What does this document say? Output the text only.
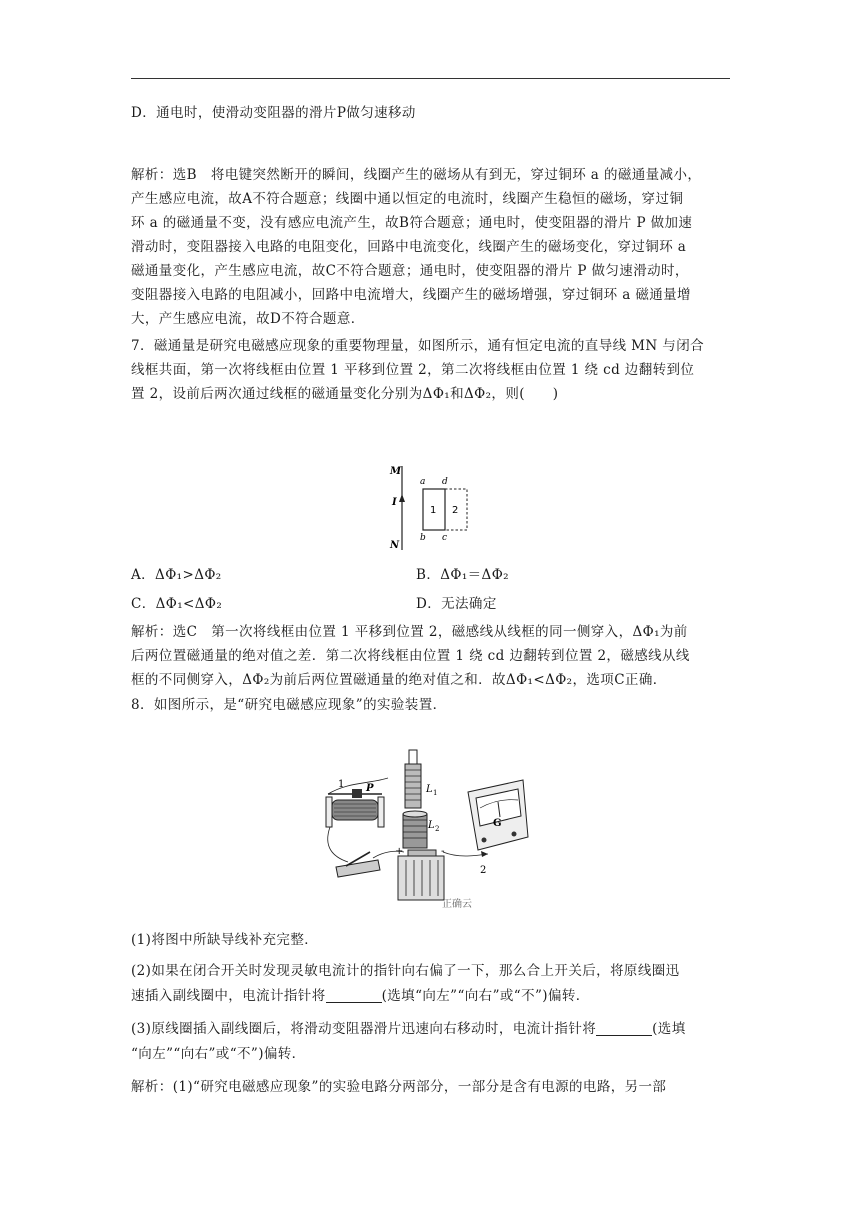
D．通电时，使滑动变阻器的滑片P做匀速移动

解析：选B　将电键突然断开的瞬间，线圈产生的磁场从有到无，穿过铜环 a 的磁通量减小，

产生感应电流，故A不符合题意；线圈中通以恒定的电流时，线圈产生稳恒的磁场，穿过铜

环 a 的磁通量不变，没有感应电流产生，故B符合题意；通电时，使变阻器的滑片 P 做加速

滑动时，变阻器接入电路的电阻变化，回路中电流变化，线圈产生的磁场变化，穿过铜环 a

磁通量变化，产生感应电流，故C不符合题意；通电时，使变阻器的滑片 P 做匀速滑动时，

变阻器接入电路的电阻减小，回路中电流增大，线圈产生的磁场增强，穿过铜环 a 磁通量增

大，产生感应电流，故D不符合题意．

7．磁通量是研究电磁感应现象的重要物理量，如图所示，通有恒定电流的直导线 MN 与闭合

线框共面，第一次将线框由位置 1 平移到位置 2，第二次将线框由位置 1 绕 cd 边翻转到位

置 2，设前后两次通过线框的磁通量变化分别为ΔΦ₁和ΔΦ₂，则(　　)

M
I
N
a d
b c
1 2

A．ΔΦ₁>ΔΦ₂	B．ΔΦ₁＝ΔΦ₂

C．ΔΦ₁<ΔΦ₂	D．无法确定

解析：选C　第一次将线框由位置 1 平移到位置 2，磁感线从线框的同一侧穿入，ΔΦ₁为前

后两位置磁通量的绝对值之差．第二次将线框由位置 1 绕 cd 边翻转到位置 2，磁感线从线

框的不同侧穿入，ΔΦ₂为前后两位置磁通量的绝对值之和．故ΔΦ₁<ΔΦ₂，选项C正确．

8．如图所示，是“研究电磁感应现象”的实验装置．

1 P	L 1
L 2	G
+	-
2
正确云

(1)将图中所缺导线补充完整．

(2)如果在闭合开关时发现灵敏电流计的指针向右偏了一下，那么合上开关后，将原线圈迅

速插入副线圈中，电流计指针将	(选填“向左”“向右”或“不”)偏转．

(3)原线圈插入副线圈后，将滑动变阻器滑片迅速向右移动时，电流计指针将	(选填

“向左”“向右”或“不”)偏转．

解析：(1)“研究电磁感应现象”的实验电路分两部分，一部分是含有电源的电路，另一部
